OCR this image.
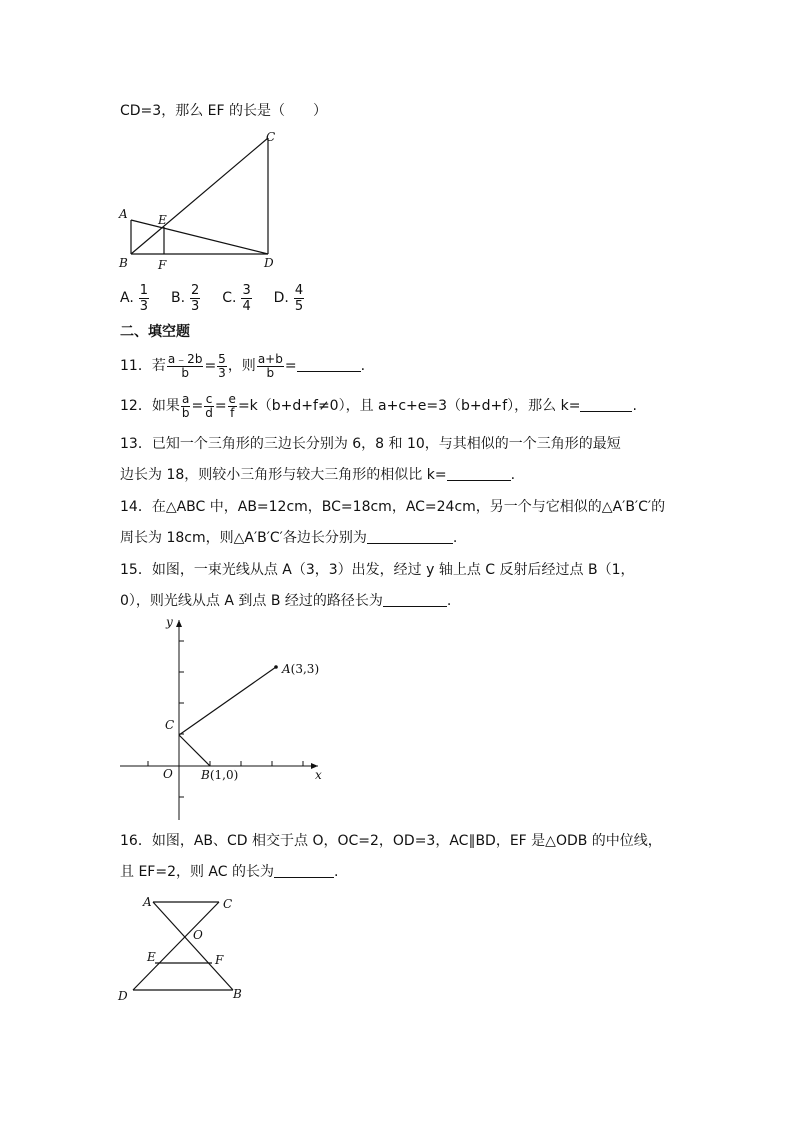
CD=3，那么 EF 的长是（　　）
A
B
C
D
E
F
A. $\frac{1}{3} B$. $\frac{2}{3} C$. $\frac{3}{4} D$. $\frac{4}{5}$
二、填空题
11．若 $\frac{a﹣2b}{b} = \frac{5}{3}$ ，则 $\frac{a+b}{b}$ =	.
12．如果 $\frac{a}{b} = \frac{c}{d} = \frac{e}{f} =k(b+d+f\ne 0)$，且 a+c+e=3（b+d+f），那么 k=	.
13．已知一个三角形的三边长分别为 6，8 和 10，与其相似的一个三角形的最短
边长为 18，则较小三角形与较大三角形的相似比 k=	.
14．在△ABC 中，AB=12cm，BC=18cm，AC=24cm，另一个与它相似的△A′B′C′的
周长为 18cm，则△A′B′C′各边长分别为	.
15．如图，一束光线从点 A（3，3）出发，经过 y 轴上点 C 反射后经过点 B（1，
0），则光线从点 A 到点 B 经过的路径长为	.
y
x
O
C
A(3,3)
B(1,0)
16．如图，AB、CD 相交于点 O，OC=2，OD=3，AC∥BD，EF 是△ODB 的中位线，
且 EF=2，则 AC 的长为	.
A	C
O
E	F
D	B
